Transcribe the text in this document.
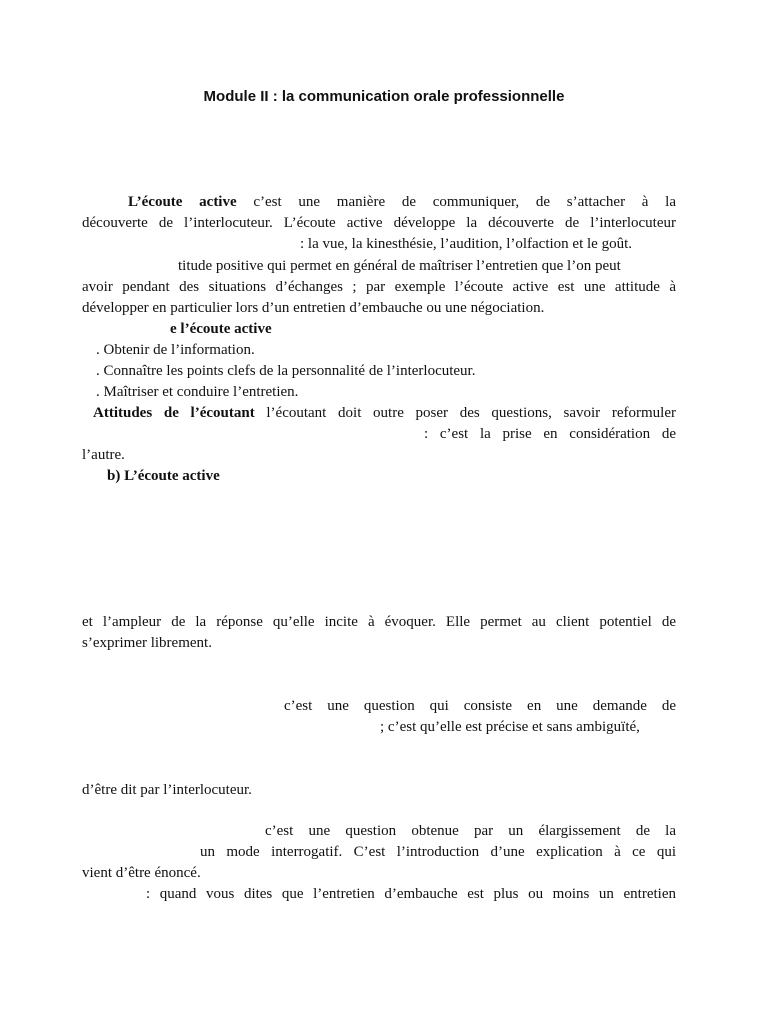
Module II : la communication orale professionnelle
L’écoute active c’est une manière de communiquer, de s’attacher à la
découverte de l’interlocuteur. L’écoute active développe la découverte de l’interlocuteur
: la vue, la kinesthésie, l’audition, l’olfaction et le goût.
titude positive qui permet en général de maîtriser l’entretien que l’on peut
avoir pendant des situations d’échanges ; par exemple l’écoute active est une attitude à
développer en particulier lors d’un entretien d’embauche ou une négociation.
e l’écoute active
. Obtenir de l’information.
. Connaître les points clefs de la personnalité de l’interlocuteur.
. Maîtriser et conduire l’entretien.
Attitudes de l’écoutant l’écoutant doit outre poser des questions, savoir reformuler
: c’est la prise en considération de
l’autre.
b) L’écoute active
et l’ampleur de la réponse qu’elle incite à évoquer. Elle permet au client potentiel de
s’exprimer librement.
c’est une question qui consiste en une demande de
; c’est qu’elle est précise et sans ambiguïté,
d’être dit par l’interlocuteur.
c’est une question obtenue par un élargissement de la
un mode interrogatif. C’est l’introduction d’une explication à ce qui
vient d’être énoncé.
: quand vous dites que l’entretien d’embauche est plus ou moins un entretien
